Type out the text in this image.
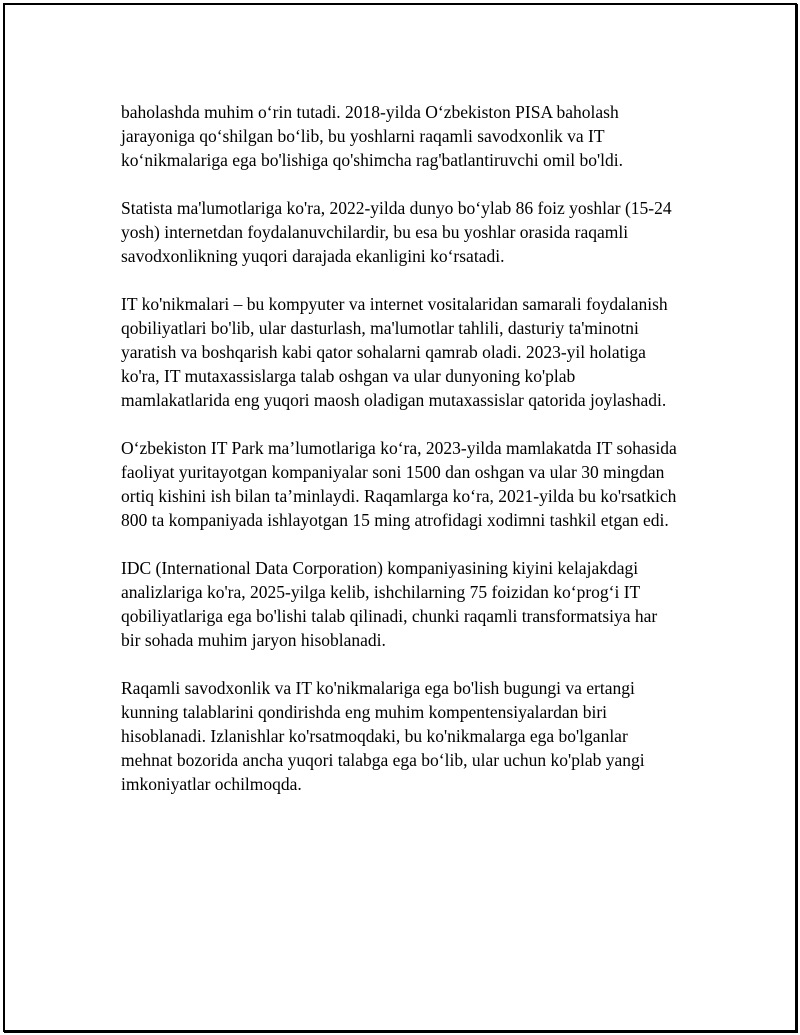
baholashda muhim oʻrin tutadi. 2018-yilda Oʻzbekiston PISA baholash jarayoniga qoʻshilgan boʻlib, bu yoshlarni raqamli savodxonlik va IT koʻnikmalariga ega bo'lishiga qo'shimcha rag'batlantiruvchi omil bo'ldi.

Statista ma'lumotlariga ko'ra, 2022-yilda dunyo boʻylab 86 foiz yoshlar (15-24 yosh) internetdan foydalanuvchilardir, bu esa bu yoshlar orasida raqamli savodxonlikning yuqori darajada ekanligini koʻrsatadi.

IT ko'nikmalari – bu kompyuter va internet vositalaridan samarali foydalanish qobiliyatlari bo'lib, ular dasturlash, ma'lumotlar tahlili, dasturiy ta'minotni yaratish va boshqarish kabi qator sohalarni qamrab oladi. 2023-yil holatiga ko'ra, IT mutaxassislarga talab oshgan va ular dunyoning ko'plab mamlakatlarida eng yuqori maosh oladigan mutaxassislar qatorida joylashadi.

Oʻzbekiston IT Park maʼlumotlariga koʻra, 2023-yilda mamlakatda IT sohasida faoliyat yuritayotgan kompaniyalar soni 1500 dan oshgan va ular 30 mingdan ortiq kishini ish bilan taʼminlaydi. Raqamlarga koʻra, 2021-yilda bu ko'rsatkich 800 ta kompaniyada ishlayotgan 15 ming atrofidagi xodimni tashkil etgan edi.

IDC (International Data Corporation) kompaniyasining kiyini kelajakdagi analizlariga ko'ra, 2025-yilga kelib, ishchilarning 75 foizidan koʻprogʻi IT qobiliyatlariga ega bo'lishi talab qilinadi, chunki raqamli transformatsiya har bir sohada muhim jaryon hisoblanadi.

Raqamli savodxonlik va IT ko'nikmalariga ega bo'lish bugungi va ertangi kunning talablarini qondirishda eng muhim kompentensiyalardan biri hisoblanadi. Izlanishlar ko'rsatmoqdaki, bu ko'nikmalarga ega bo'lganlar mehnat bozorida ancha yuqori talabga ega boʻlib, ular uchun ko'plab yangi imkoniyatlar ochilmoqda.
